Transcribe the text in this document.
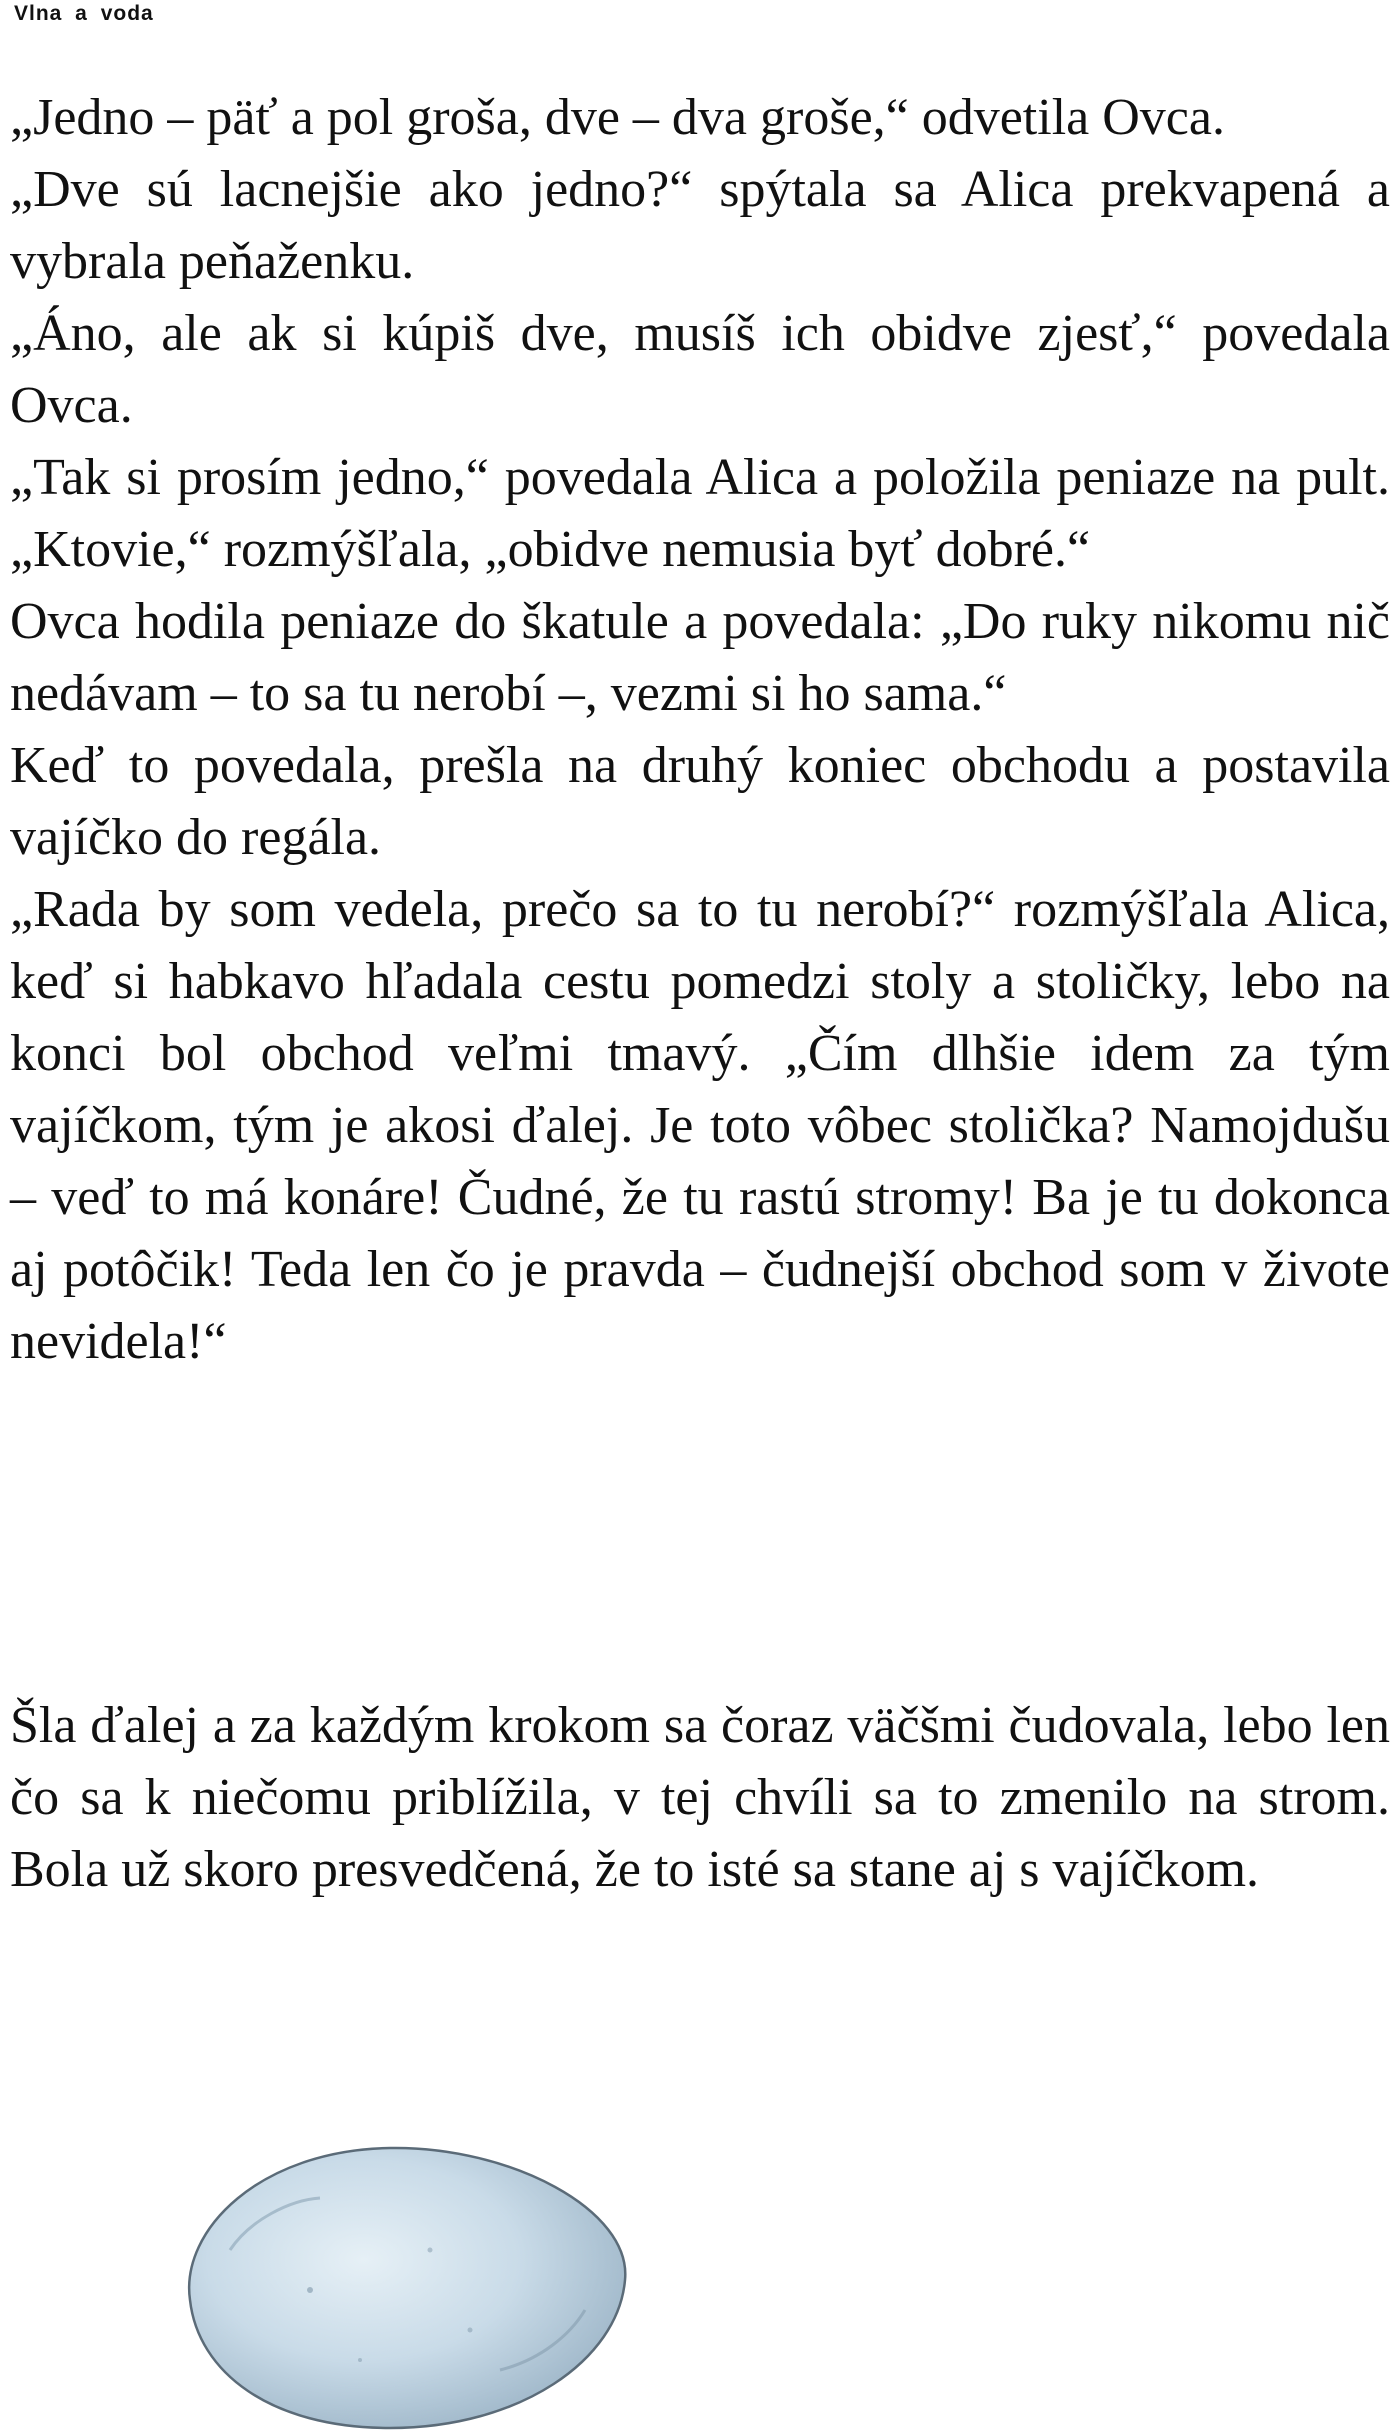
Vlna a voda

„Jedno – päť a pol groša, dve – dva groše,“ odvetila Ovca.

„Dve sú lacnejšie ako jedno?“ spýtala sa Alica prekvapená a vybrala peňaženku.

„Áno, ale ak si kúpiš dve, musíš ich obidve zjesť,“ povedala Ovca.

„Tak si prosím jedno,“ povedala Alica a položila peniaze na pult. „Ktovie,“ rozmýšľala, „obidve nemusia byť dobré.“

Ovca hodila peniaze do škatule a povedala: „Do ruky nikomu nič nedávam – to sa tu nerobí –, vezmi si ho sama.“

Keď to povedala, prešla na druhý koniec obchodu a postavila vajíčko do regála.

„Rada by som vedela, prečo sa to tu nerobí?“ rozmýšľala Alica, keď si habkavo hľadala cestu pomedzi stoly a stoličky, lebo na konci bol obchod veľmi tmavý. „Čím dlhšie idem za tým vajíčkom, tým je akosi ďalej. Je toto vôbec stolička? Namojdušu – veď to má konáre! Čudné, že tu rastú stromy! Ba je tu dokonca aj potôčik! Teda len čo je pravda – čudnejší obchod som v živote nevidela!“

Šla ďalej a za každým krokom sa čoraz väčšmi čudovala, lebo len čo sa k niečomu priblížila, v tej chvíli sa to zmenilo na strom. Bola už skoro presvedčená, že to isté sa stane aj s vajíčkom.
